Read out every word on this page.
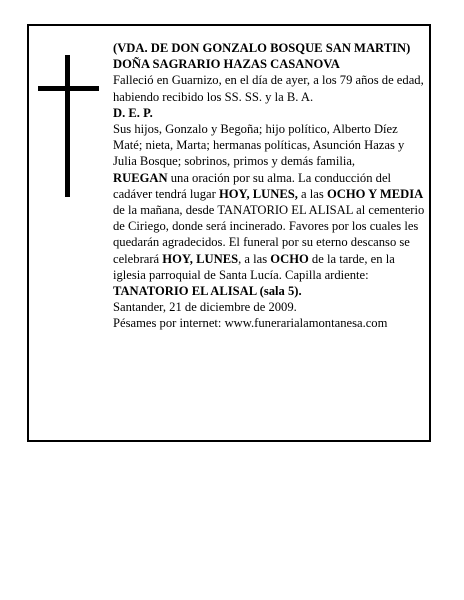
(VDA. DE DON GONZALO BOSQUE SAN MARTIN)

DOÑA SAGRARIO HAZAS CASANOVA

Falleció en Guarnizo, en el día de ayer, a los 79 años de edad, habiendo recibido los SS. SS. y la B. A.

D. E. P.

Sus hijos, Gonzalo y Begoña; hijo político, Alberto Díez Maté; nieta, Marta; hermanas políticas, Asunción Hazas y Julia Bosque; sobrinos, primos y demás familia,

RUEGAN una oración por su alma. La conducción del cadáver tendrá lugar HOY, LUNES, a las OCHO Y MEDIA de la mañana, desde TANATORIO EL ALISAL al cementerio de Ciriego, donde será incinerado. Favores por los cuales les quedarán agradecidos. El funeral por su eterno descanso se celebrará HOY, LUNES, a las OCHO de la tarde, en la iglesia parroquial de Santa Lucía. Capilla ardiente:

TANATORIO EL ALISAL (sala 5).

Santander, 21 de diciembre de 2009.

Pésames por internet: www.funerarialamontanesa.com
